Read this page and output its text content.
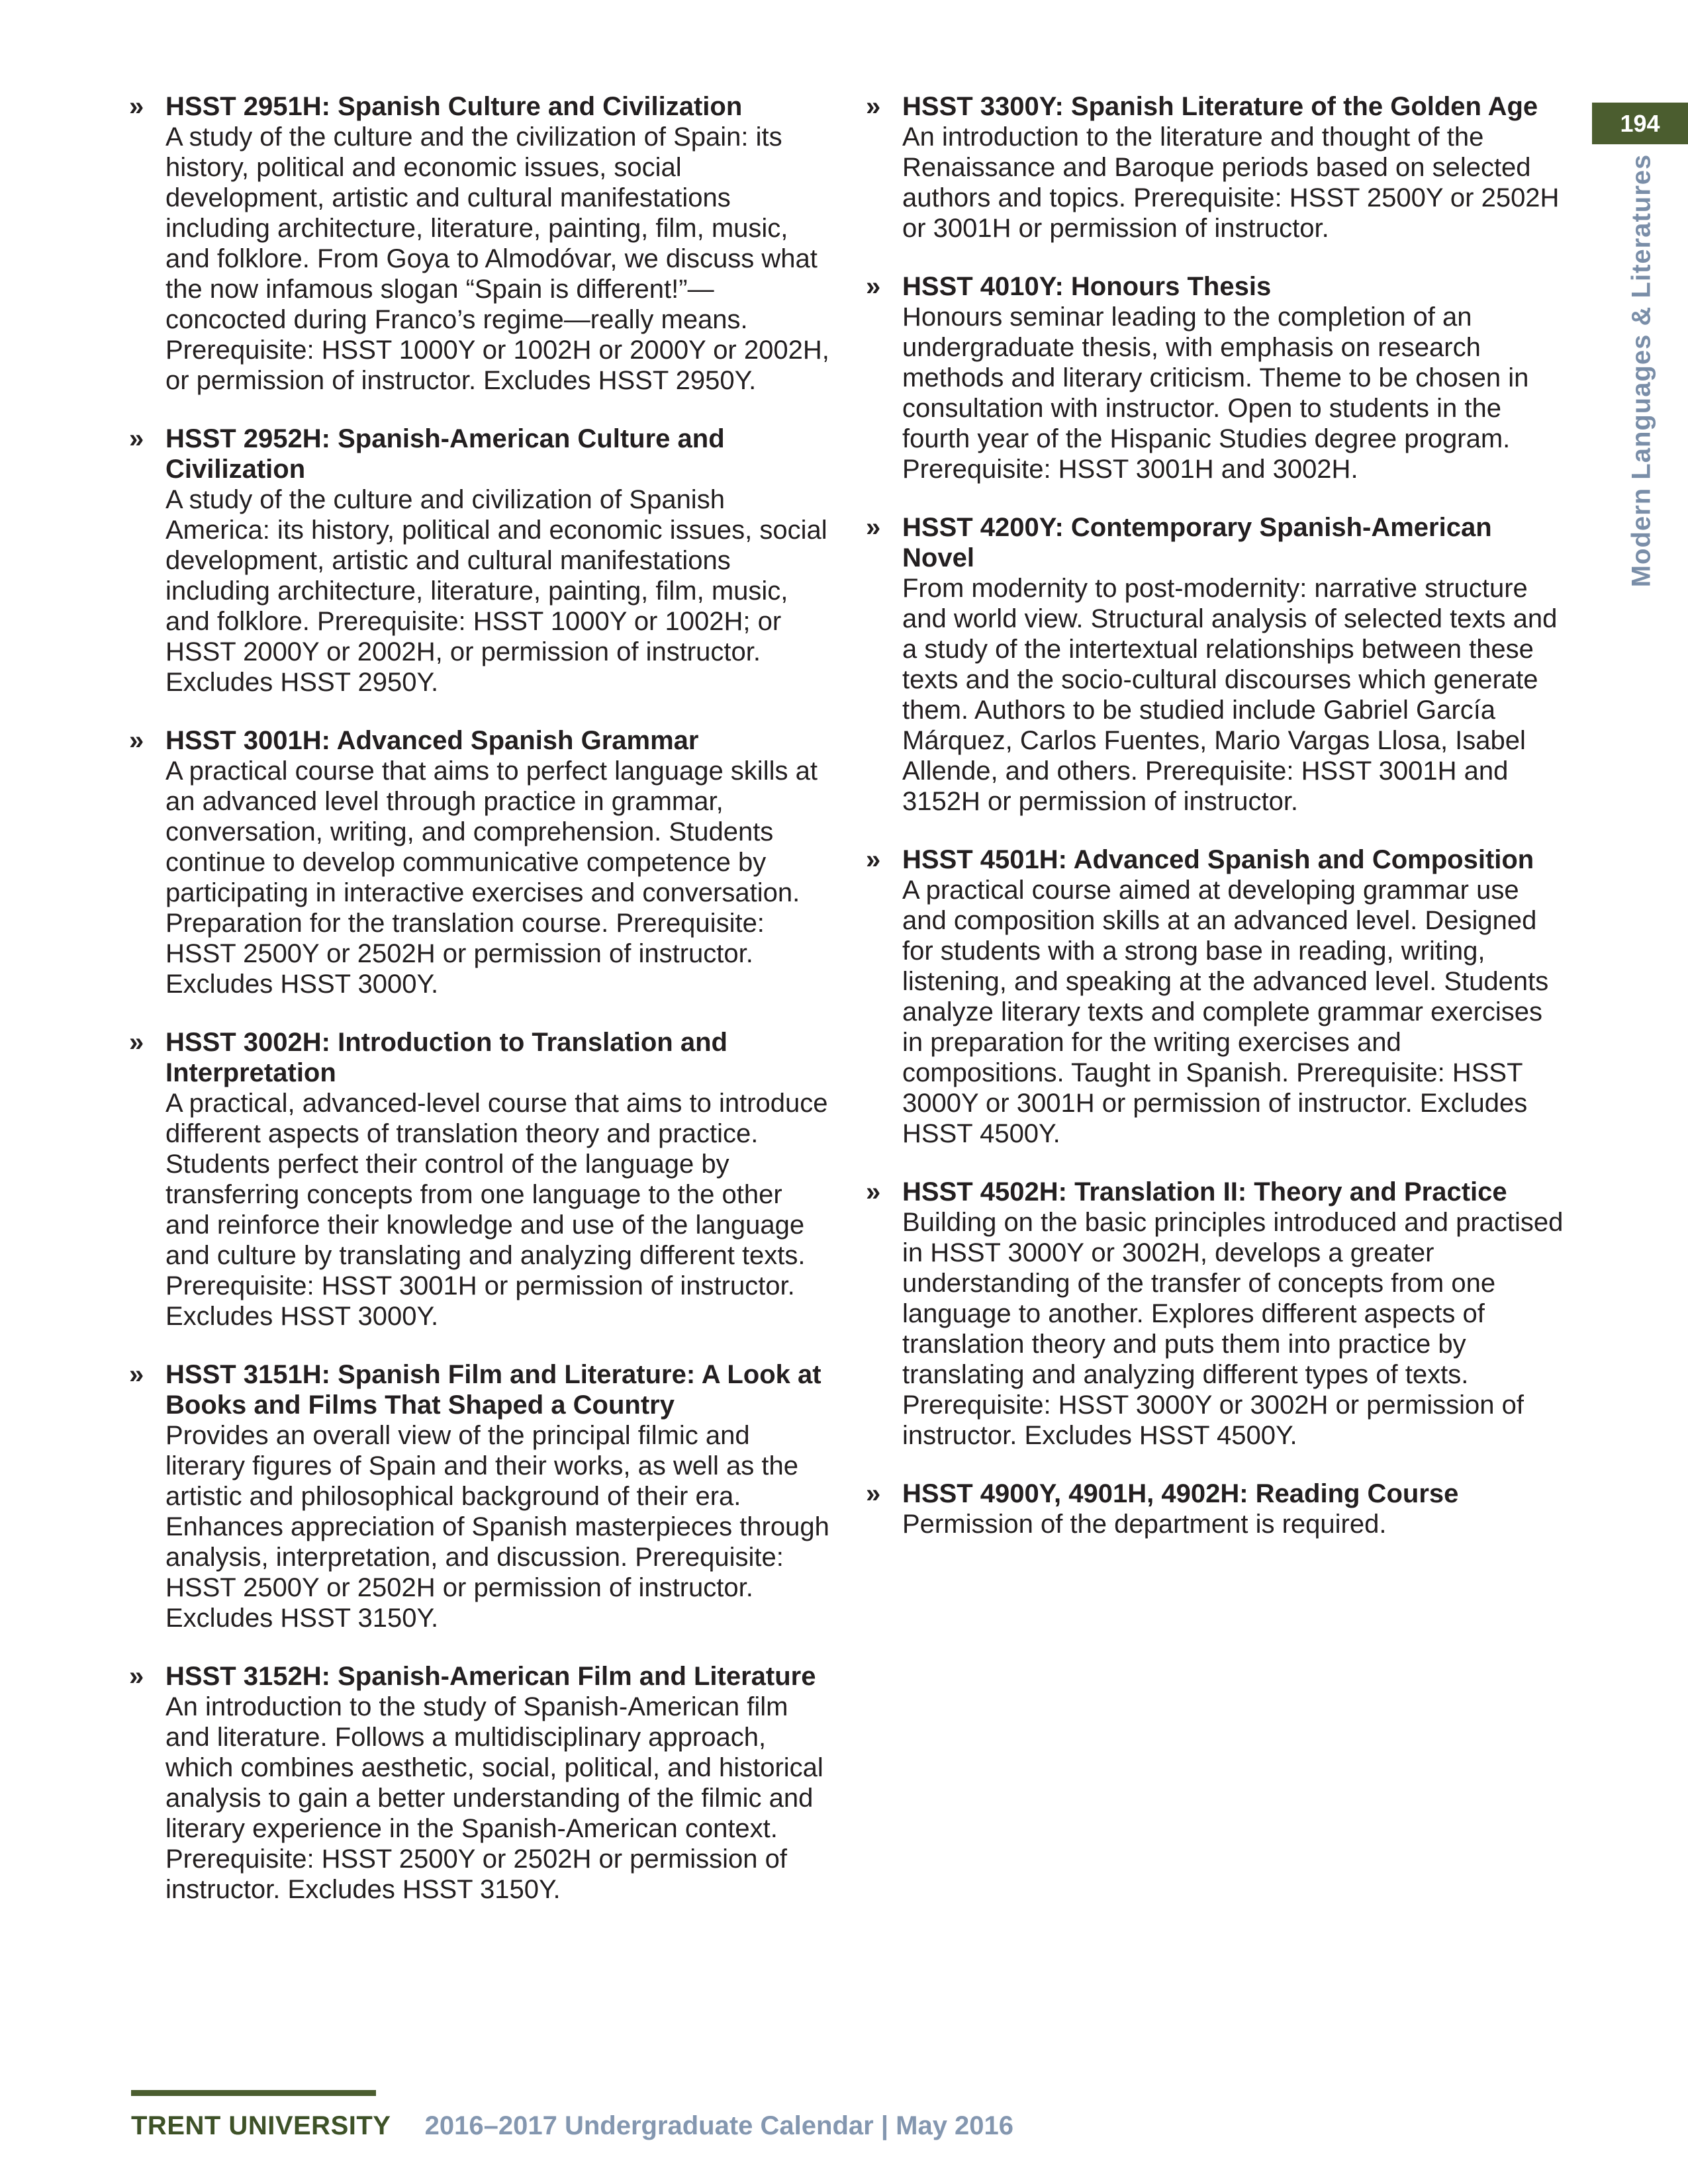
» HSST 2951H: Spanish Culture and Civilization
A study of the culture and the civilization of Spain: its history, political and economic issues, social development, artistic and cultural manifestations including architecture, literature, painting, film, music, and folklore. From Goya to Almodóvar, we discuss what the now infamous slogan “Spain is different!”—concocted during Franco’s regime—really means. Prerequisite: HSST 1000Y or 1002H or 2000Y or 2002H, or permission of instructor. Excludes HSST 2950Y.
» HSST 2952H: Spanish-American Culture and Civilization
A study of the culture and civilization of Spanish America: its history, political and economic issues, social development, artistic and cultural manifestations including architecture, literature, painting, film, music, and folklore. Prerequisite: HSST 1000Y or 1002H; or HSST 2000Y or 2002H, or permission of instructor. Excludes HSST 2950Y.
» HSST 3001H: Advanced Spanish Grammar
A practical course that aims to perfect language skills at an advanced level through practice in grammar, conversation, writing, and comprehension. Students continue to develop communicative competence by participating in interactive exercises and conversation. Preparation for the translation course. Prerequisite: HSST 2500Y or 2502H or permission of instructor. Excludes HSST 3000Y.
» HSST 3002H: Introduction to Translation and Interpretation
A practical, advanced-level course that aims to introduce different aspects of translation theory and practice. Students perfect their control of the language by transferring concepts from one language to the other and reinforce their knowledge and use of the language and culture by translating and analyzing different texts. Prerequisite: HSST 3001H or permission of instructor. Excludes HSST 3000Y.
» HSST 3151H: Spanish Film and Literature: A Look at Books and Films That Shaped a Country
Provides an overall view of the principal filmic and literary figures of Spain and their works, as well as the artistic and philosophical background of their era. Enhances appreciation of Spanish masterpieces through analysis, interpretation, and discussion. Prerequisite: HSST 2500Y or 2502H or permission of instructor. Excludes HSST 3150Y.
» HSST 3152H: Spanish-American Film and Literature
An introduction to the study of Spanish-American film and literature. Follows a multidisciplinary approach, which combines aesthetic, social, political, and historical analysis to gain a better understanding of the filmic and literary experience in the Spanish-American context. Prerequisite: HSST 2500Y or 2502H or permission of instructor. Excludes HSST 3150Y.
» HSST 3300Y: Spanish Literature of the Golden Age
An introduction to the literature and thought of the Renaissance and Baroque periods based on selected authors and topics. Prerequisite: HSST 2500Y or 2502H or 3001H or permission of instructor.
» HSST 4010Y: Honours Thesis
Honours seminar leading to the completion of an undergraduate thesis, with emphasis on research methods and literary criticism. Theme to be chosen in consultation with instructor. Open to students in the fourth year of the Hispanic Studies degree program. Prerequisite: HSST 3001H and 3002H.
» HSST 4200Y: Contemporary Spanish-American Novel
From modernity to post-modernity: narrative structure and world view. Structural analysis of selected texts and a study of the intertextual relationships between these texts and the socio-cultural discourses which generate them. Authors to be studied include Gabriel García Márquez, Carlos Fuentes, Mario Vargas Llosa, Isabel Allende, and others. Prerequisite: HSST 3001H and 3152H or permission of instructor.
» HSST 4501H: Advanced Spanish and Composition
A practical course aimed at developing grammar use and composition skills at an advanced level. Designed for students with a strong base in reading, writing, listening, and speaking at the advanced level. Students analyze literary texts and complete grammar exercises in preparation for the writing exercises and compositions. Taught in Spanish. Prerequisite: HSST 3000Y or 3001H or permission of instructor. Excludes HSST 4500Y.
» HSST 4502H: Translation II: Theory and Practice
Building on the basic principles introduced and practised in HSST 3000Y or 3002H, develops a greater understanding of the transfer of concepts from one language to another. Explores different aspects of translation theory and puts them into practice by translating and analyzing different types of texts. Prerequisite: HSST 3000Y or 3002H or permission of instructor. Excludes HSST 4500Y.
» HSST 4900Y, 4901H, 4902H: Reading Course
Permission of the department is required.
194
Modern Languages & Literatures
TRENT UNIVERSITY 2016–2017 Undergraduate Calendar | May 2016
